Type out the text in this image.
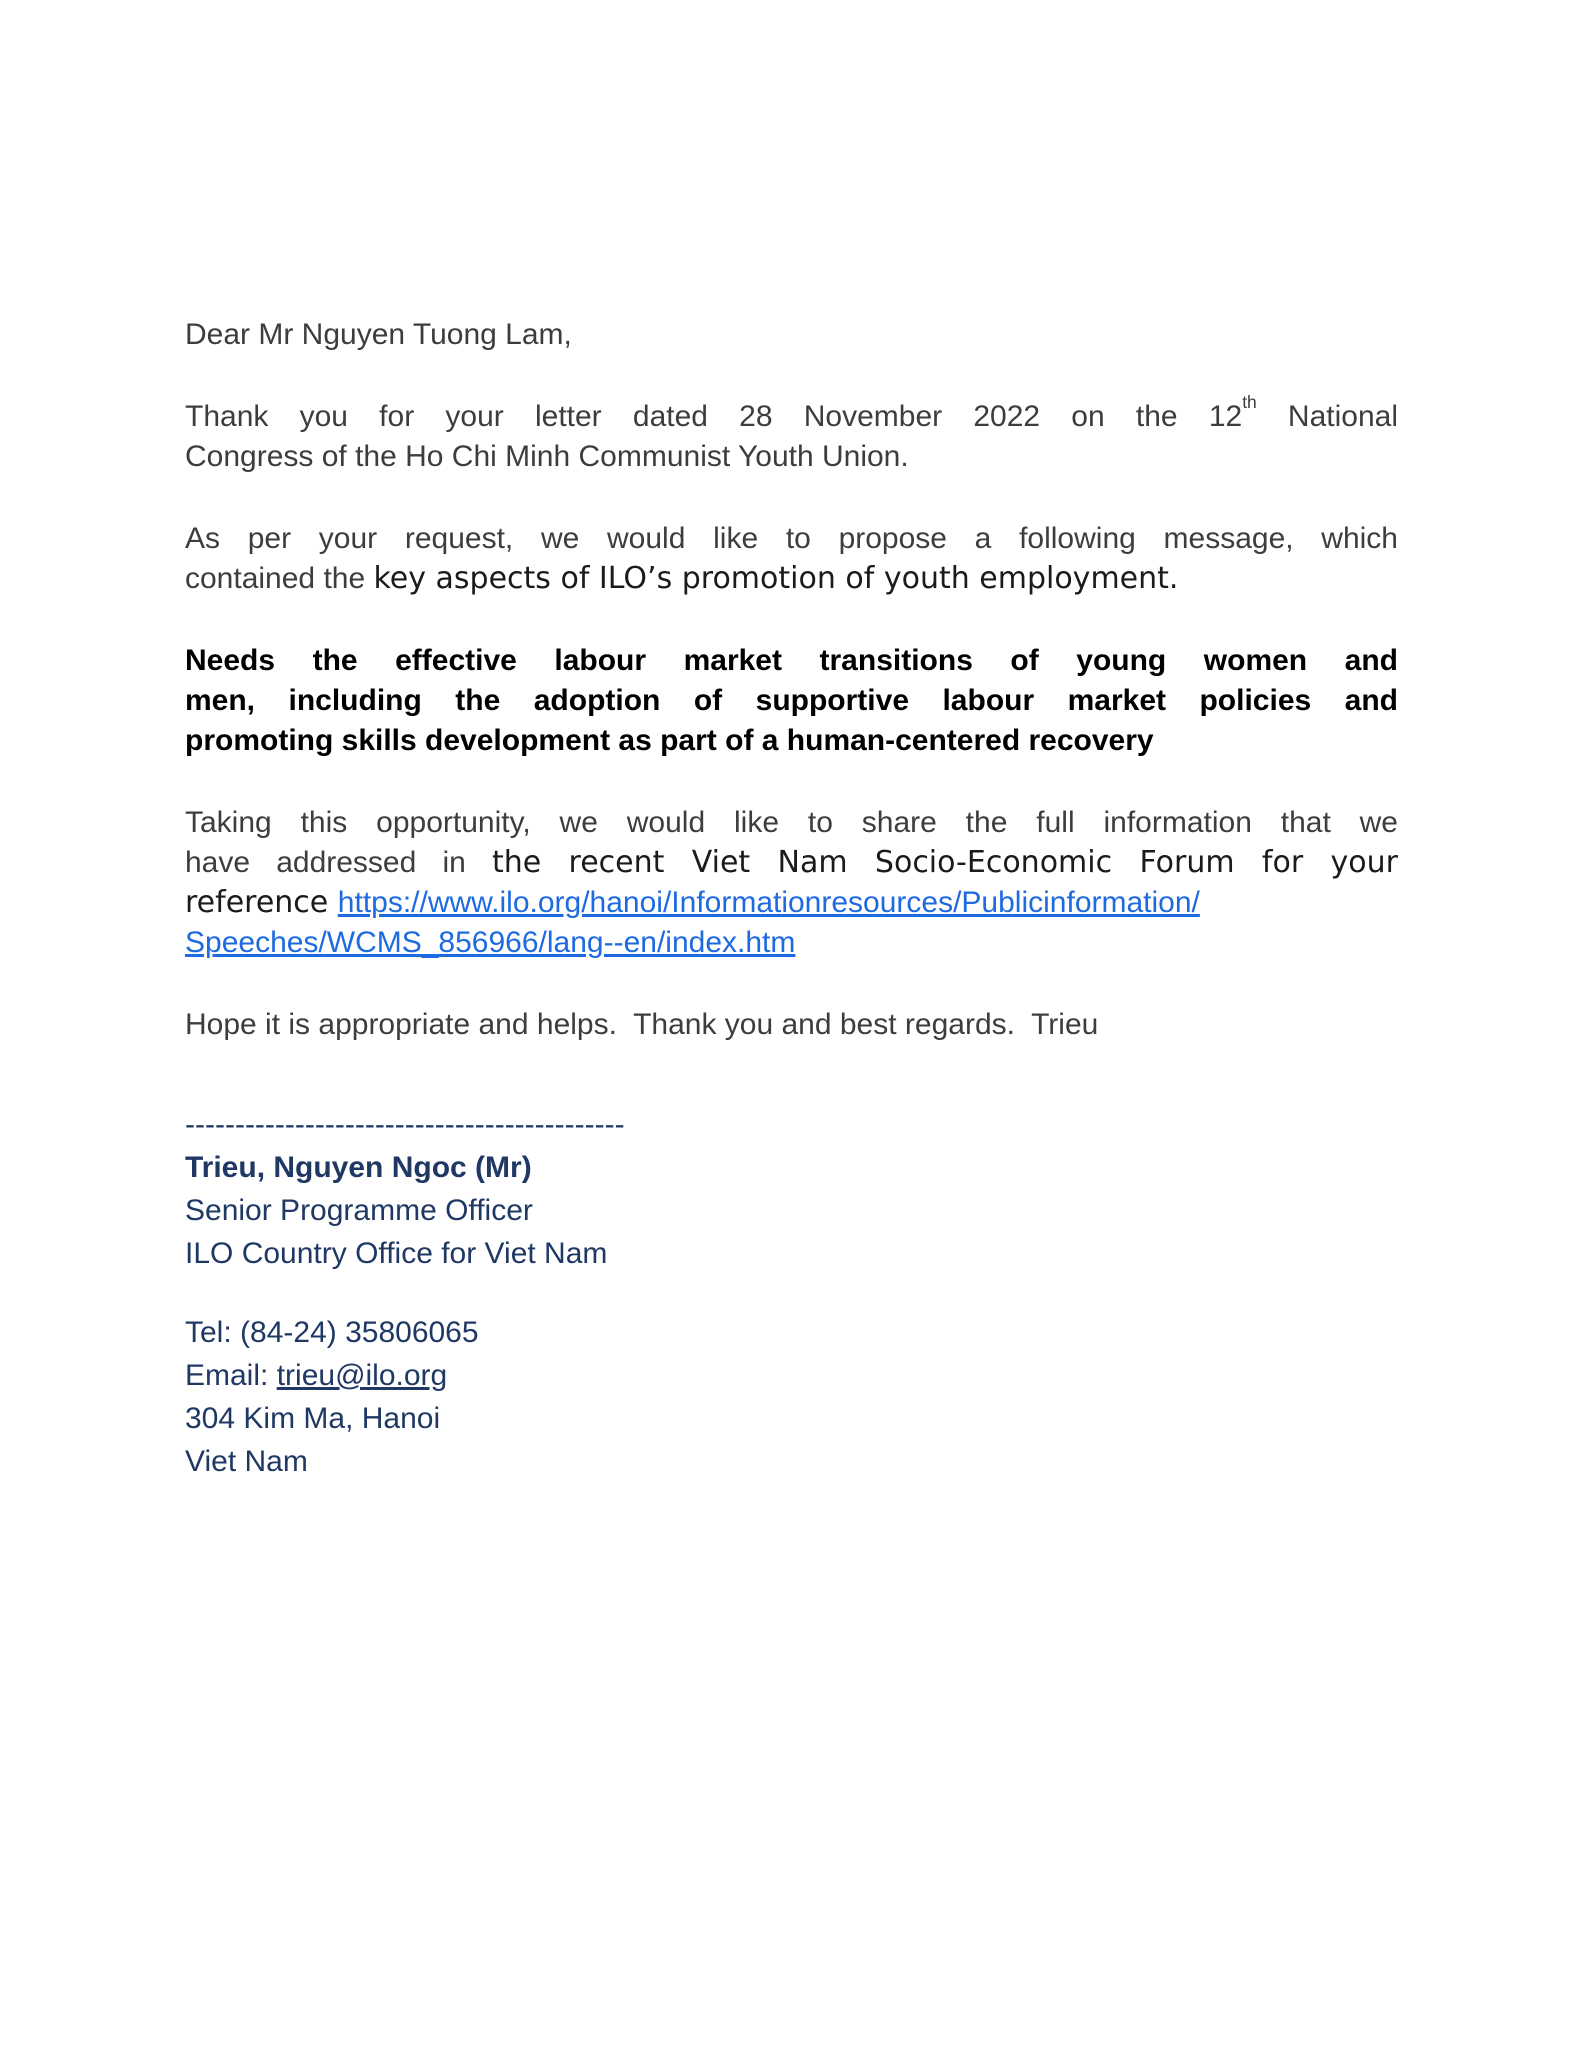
Dear Mr Nguyen Tuong Lam,
Thank you for your letter dated 28 November 2022 on the 12th National
Congress of the Ho Chi Minh Communist Youth Union.
As per your request, we would like to propose a following message, which
contained the key aspects of ILO’s promotion of youth employment.
Needs the effective labour market transitions of young women and
men, including the adoption of supportive labour market policies and
promoting skills development as part of a human-centered recovery
Taking this opportunity, we would like to share the full information that we
have addressed in the recent Viet Nam Socio-Economic Forum for your
reference https://www.ilo.org/hanoi/Informationresources/Publicinformation/
Speeches/WCMS_856966/lang--en/index.htm
Hope it is appropriate and helps.  Thank you and best regards.  Trieu
--------------------------------------------
Trieu, Nguyen Ngoc (Mr)
Senior Programme Officer
ILO Country Office for Viet Nam
Tel: (84-24) 35806065
Email: trieu@ilo.org
304 Kim Ma, Hanoi
Viet Nam
